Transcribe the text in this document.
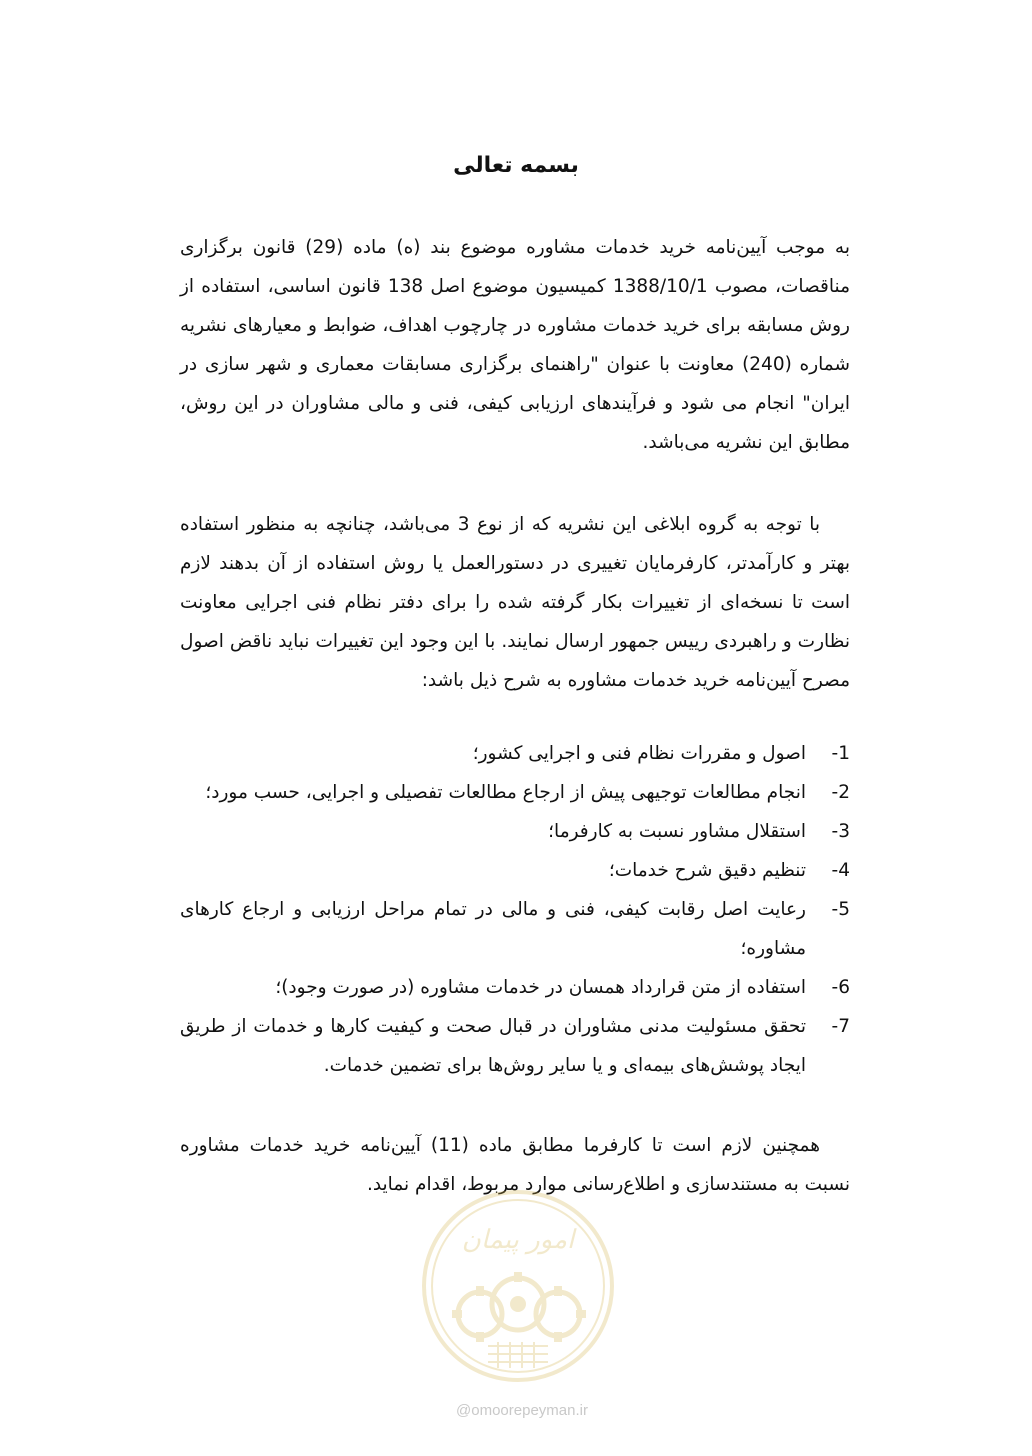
بسمه تعالی
به موجب آیین‌نامه خرید خدمات مشاوره موضوع بند (ه) ماده (29) قانون برگزاری مناقصات، مصوب 1388/10/1 کمیسیون موضوع اصل 138 قانون اساسی، استفاده از روش مسابقه برای خرید خدمات مشاوره در چارچوب اهداف، ضوابط و معیارهای نشریه شماره (240) معاونت با عنوان "راهنمای برگزاری مسابقات معماری و شهر سازی در ایران" انجام می شود و فرآیندهای ارزیابی کیفی، فنی و مالی مشاوران در این روش، مطابق این نشریه می‌باشد.
با توجه به گروه ابلاغی این نشریه که از نوع 3 می‌باشد، چنانچه به منظور استفاده بهتر و کارآمدتر، کارفرمایان تغییری در دستورالعمل یا روش استفاده از آن بدهند لازم است تا نسخه‌ای از تغییرات بکار گرفته شده را برای دفتر نظام فنی اجرایی معاونت نظارت و راهبردی رییس جمهور ارسال نمایند. با این وجود این تغییرات نباید ناقض اصول مصرح آیین‌نامه خرید خدمات مشاوره به شرح ذیل باشد:
1-
اصول و مقررات نظام فنی و اجرایی کشور؛
2-
انجام مطالعات توجیهی پیش از ارجاع مطالعات تفصیلی و اجرایی، حسب مورد؛
3-
استقلال مشاور نسبت به کارفرما؛
4-
تنظیم دقیق شرح خدمات؛
5-
رعایت اصل رقابت کیفی، فنی و مالی در تمام مراحل ارزیابی و ارجاع کارهای مشاوره؛
6-
استفاده از متن قرارداد همسان در خدمات مشاوره (در صورت وجود)؛
7-
تحقق مسئولیت مدنی مشاوران در قبال صحت و کیفیت کارها و خدمات از طریق ایجاد پوشش‌های بیمه‌ای و یا سایر روش‌ها برای تضمین خدمات.
همچنین لازم است تا کارفرما مطابق ماده (11) آیین‌نامه خرید خدمات مشاوره نسبت به مستندسازی و اطلاع‌رسانی موارد مربوط، اقدام نماید.
امور پیمان
@omoorepeyman.ir
